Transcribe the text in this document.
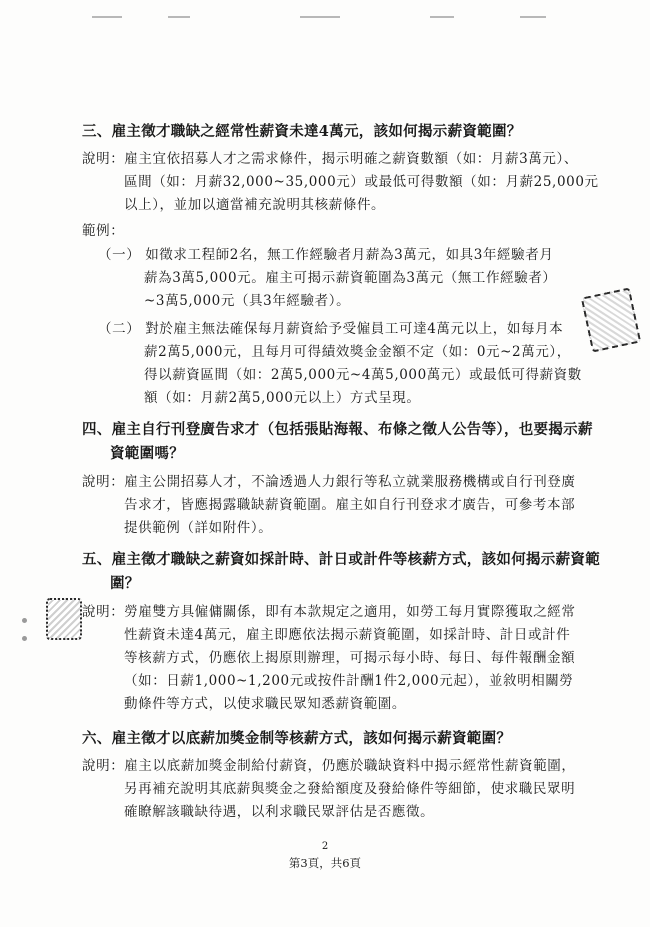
三、雇主徵才職缺之經常性薪資未達4萬元，該如何揭示薪資範圍？
說明：雇主宜依招募人才之需求條件，揭示明確之薪資數額（如：月薪3萬元）、
區間（如：月薪32,000~35,000元）或最低可得數額（如：月薪25,000元
以上），並加以適當補充說明其核薪條件。
範例：
（一） 如徵求工程師2名，無工作經驗者月薪為3萬元，如具3年經驗者月
薪為3萬5,000元。雇主可揭示薪資範圍為3萬元（無工作經驗者）
~3萬5,000元（具3年經驗者）。
（二） 對於雇主無法確保每月薪資給予受僱員工可達4萬元以上，如每月本
薪2萬5,000元，且每月可得績效獎金金額不定（如：0元~2萬元），
得以薪資區間（如：2萬5,000元~4萬5,000萬元）或最低可得薪資數
額（如：月薪2萬5,000元以上）方式呈現。
四、雇主自行刊登廣告求才（包括張貼海報、布條之徵人公告等），也要揭示薪
資範圍嗎？
說明：雇主公開招募人才，不論透過人力銀行等私立就業服務機構或自行刊登廣
告求才，皆應揭露職缺薪資範圍。雇主如自行刊登求才廣告，可參考本部
提供範例（詳如附件）。
五、雇主徵才職缺之薪資如採計時、計日或計件等核薪方式，該如何揭示薪資範
圍？
說明：勞雇雙方具僱傭關係，即有本款規定之適用，如勞工每月實際獲取之經常
性薪資未達4萬元，雇主即應依法揭示薪資範圍，如採計時、計日或計件
等核薪方式，仍應依上揭原則辦理，可揭示每小時、每日、每件報酬金額
（如：日薪1,000~1,200元或按件計酬1件2,000元起），並敘明相關勞
動條件等方式，以使求職民眾知悉薪資範圍。
六、雇主徵才以底薪加獎金制等核薪方式，該如何揭示薪資範圍？
說明：雇主以底薪加獎金制給付薪資，仍應於職缺資料中揭示經常性薪資範圍，
另再補充說明其底薪與獎金之發給額度及發給條件等細節，使求職民眾明
確瞭解該職缺待遇，以利求職民眾評估是否應徵。
2
第3頁，共6頁
